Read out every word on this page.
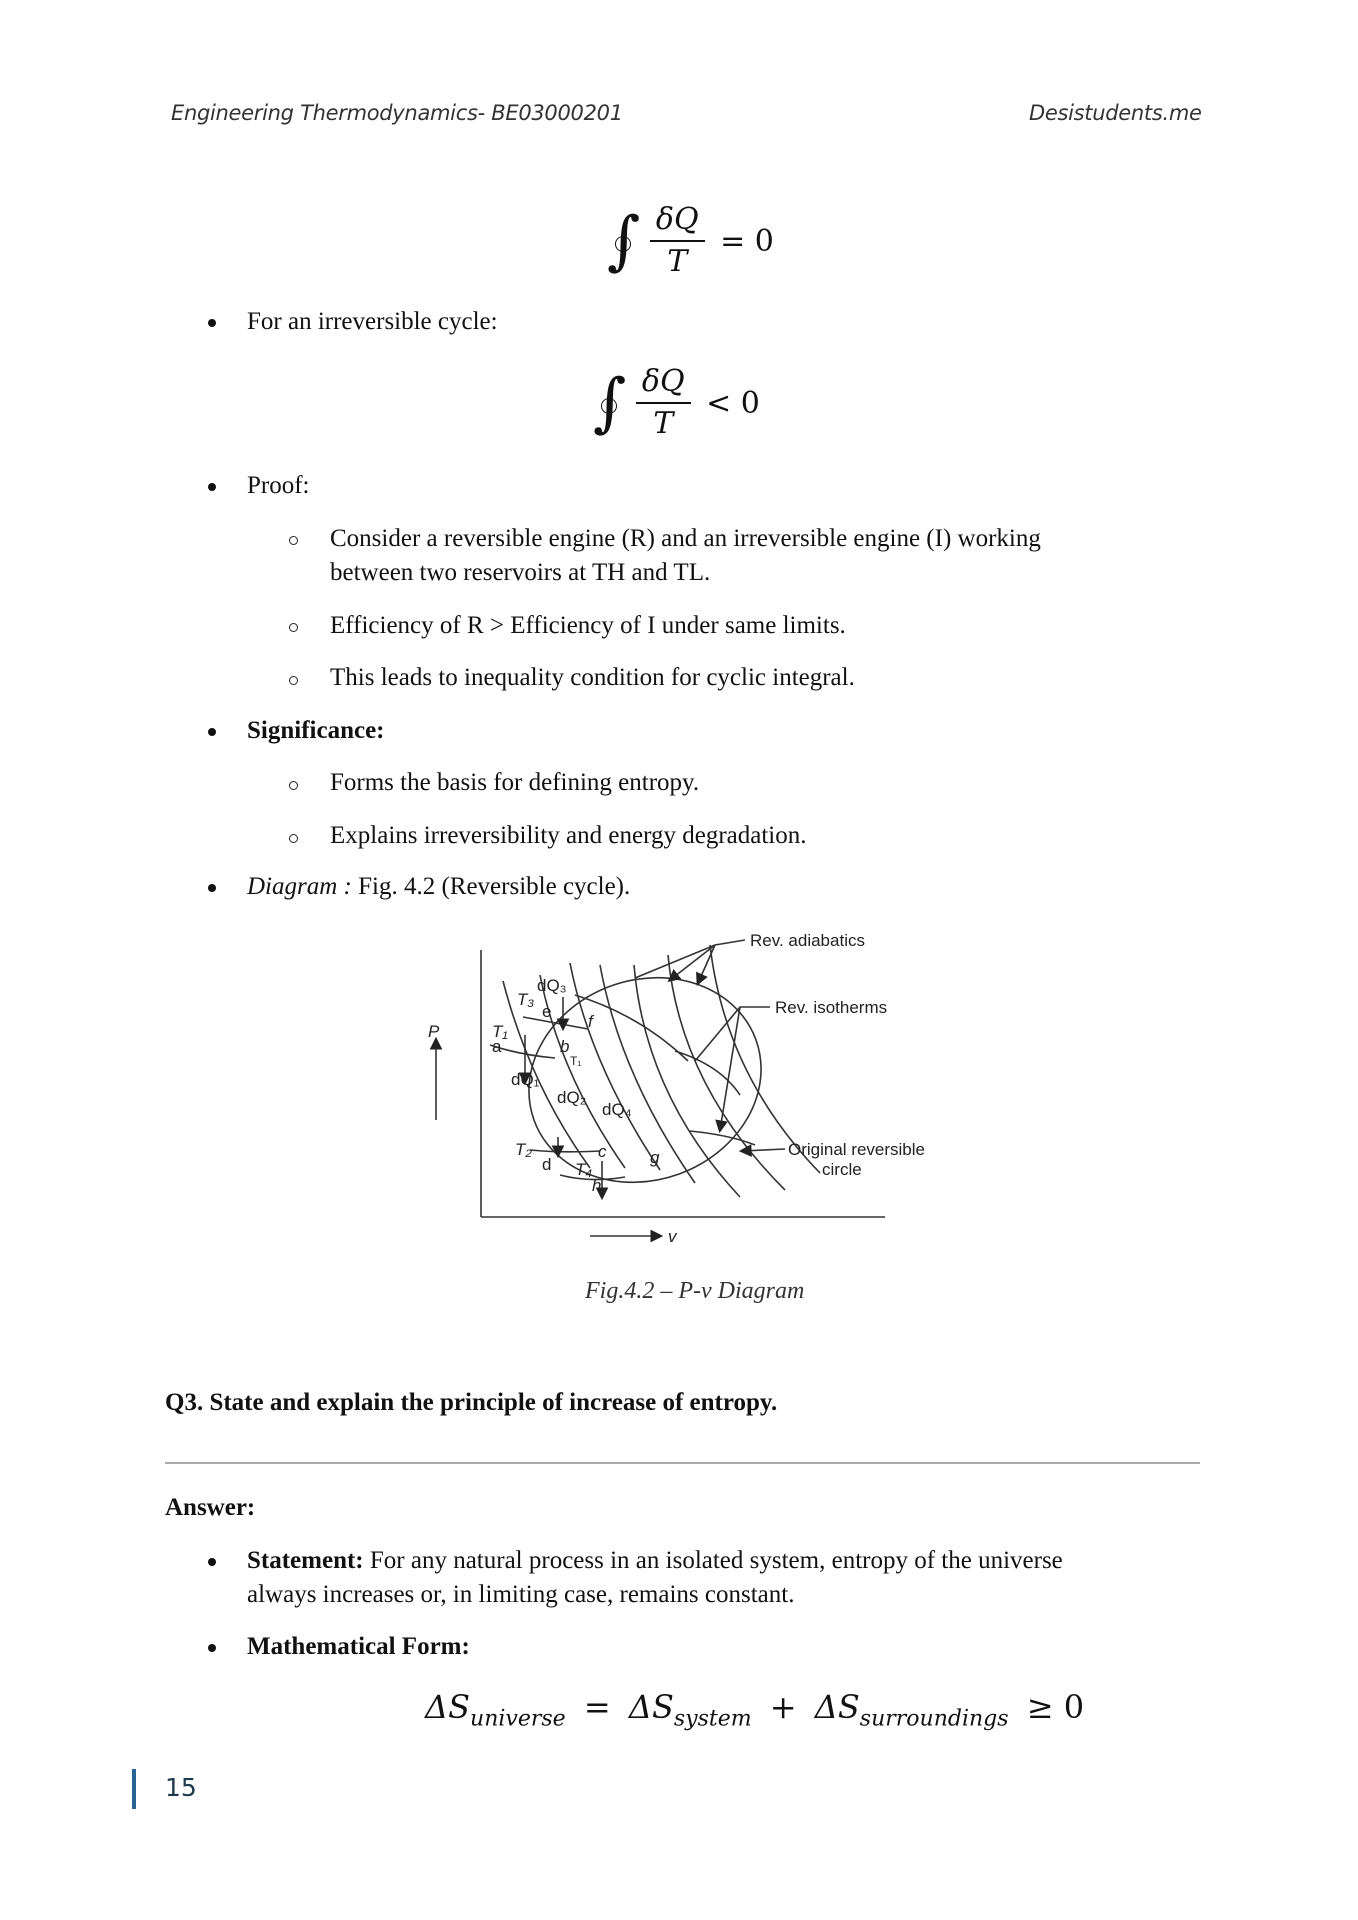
Engineering Thermodynamics- BE03000201	Desistudents.me
∫
$\frac{\delta Q}{T} = 0$
For an irreversible cycle:
∫
$\frac{\delta Q}{T} < 0$
Proof:
Consider a reversible engine (R) and an irreversible engine (I) working
between two reservoirs at TH and TL.
Efficiency of R > Efficiency of I under same limits.
This leads to inequality condition for cyclic integral.
Significance:
Forms the basis for defining entropy.
Explains irreversibility and energy degradation.
Diagram : Fig. 4.2 (Reversible cycle).
Rev. adiabatics
Rev. isotherms
Original reversible
circle
P
v
dQ₃
dQ₁
dQ₂
dQ₄
T₃
T₁
a
e
f
b
T₁
T₂	c
d T₄
g
h
Fig.4.2 – P-v Diagram
Q3. State and explain the principle of increase of entropy.
Answer:
Statement: For any natural process in an isolated system, entropy of the universe
always increases or, in limiting case, remains constant.
Mathematical Form:
$\Delta S_{universe} = \Delta S_{system} + \Delta S_{surroundings} \ge 0$
15
